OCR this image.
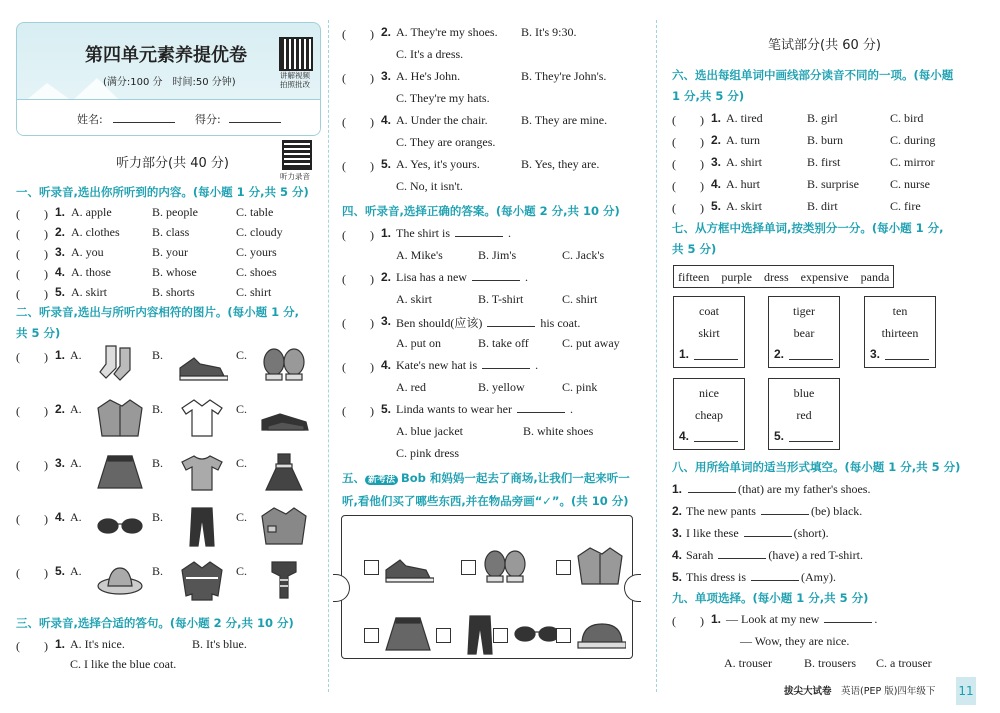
第四单元素养提优卷
(满分:100 分　时间:50 分钟)
讲解视频
拍照批改
姓名:	得分:
听力部分(共 40 分)
听力录音
一、听录音,选出你所听到的内容。(每小题 1 分,共 5 分)
(　　) 1. A. apple	B. people	C. table
(　　) 2. A. clothes	B. class	C. cloudy
(　　) 3. A. you	B. your	C. yours
(　　) 4. A. those	B. whose	C. shoes
(　　) 5. A. skirt	B. shorts	C. shirt
二、听录音,选出与所听内容相符的图片。(每小题 1 分,
共 5 分)
(　　) 1. A.	B.	C.
(　　) 2. A.	B.	C.
(　　) 3. A.	B.	C.
(　　) 4. A.	B.	C.
(　　) 5. A.	B.	C.
三、听录音,选择合适的答句。(每小题 2 分,共 10 分)
(　　) 1. A. It's nice.	B. It's blue.
C. I like the blue coat.
(　　) 2. A. They're my shoes. B. It's 9:30.
C. It's a dress.
(　　) 3. A. He's John.	B. They're John's.
C. They're my hats.
(　　) 4. A. Under the chair.	B. They are mine.
C. They are oranges.
(　　) 5. A. Yes, it's yours.	B. Yes, they are.
C. No, it isn't.
四、听录音,选择正确的答案。(每小题 2 分,共 10 分)
(　　) 1. The shirt is	.
A. Mike's	B. Jim's	C. Jack's
(　　) 2. Lisa has a new	.
A. skirt	B. T-shirt	C. shirt
(　　) 3. Ben should(应该)	his coat.
A. put on	B. take off	C. put away
(　　) 4. Kate's new hat is	.
A. red	B. yellow	C. pink
(　　) 5. Linda wants to wear her	.
A. blue jacket	B. white shoes
C. pink dress
五、 新考法 Bob 和妈妈一起去了商场,让我们一起来听一
听,看他们买了哪些东西,并在物品旁画“✓”。(共 10 分)
笔试部分(共 60 分)
六、选出每组单词中画线部分读音不同的一项。(每小题
1 分,共 5 分)
(　　) 1. A. tired	B. girl	C. bird
(　　) 2. A. turn	B. burn	C. during
(　　) 3. A. shirt	B. first	C. mirror
(　　) 4. A. hurt	B. surprise	C. nurse
(　　) 5. A. skirt	B. dirt	C. fire
七、从方框中选择单词,按类别分一分。(每小题 1 分,
共 5 分)
fifteen　purple　dress　expensive　panda
coat
skirt
1.
tiger
bear
2.
ten
thirteen
3.
nice
cheap
4.
blue
red
5.
八、用所给单词的适当形式填空。(每小题 1 分,共 5 分)
1.	(that) are my father's shoes.
2. The new pants	(be) black.
3. I like these	(short).
4. Sarah	(have) a red T-shirt.
5. This dress is	(Amy).
九、单项选择。(每小题 1 分,共 5 分)
(　　) 1. — Look at my new	.
— Wow, they are nice.
A. trouser	B. trousers C. a trouser
拔尖大试卷　 英语(PEP 版)四年级下 11
